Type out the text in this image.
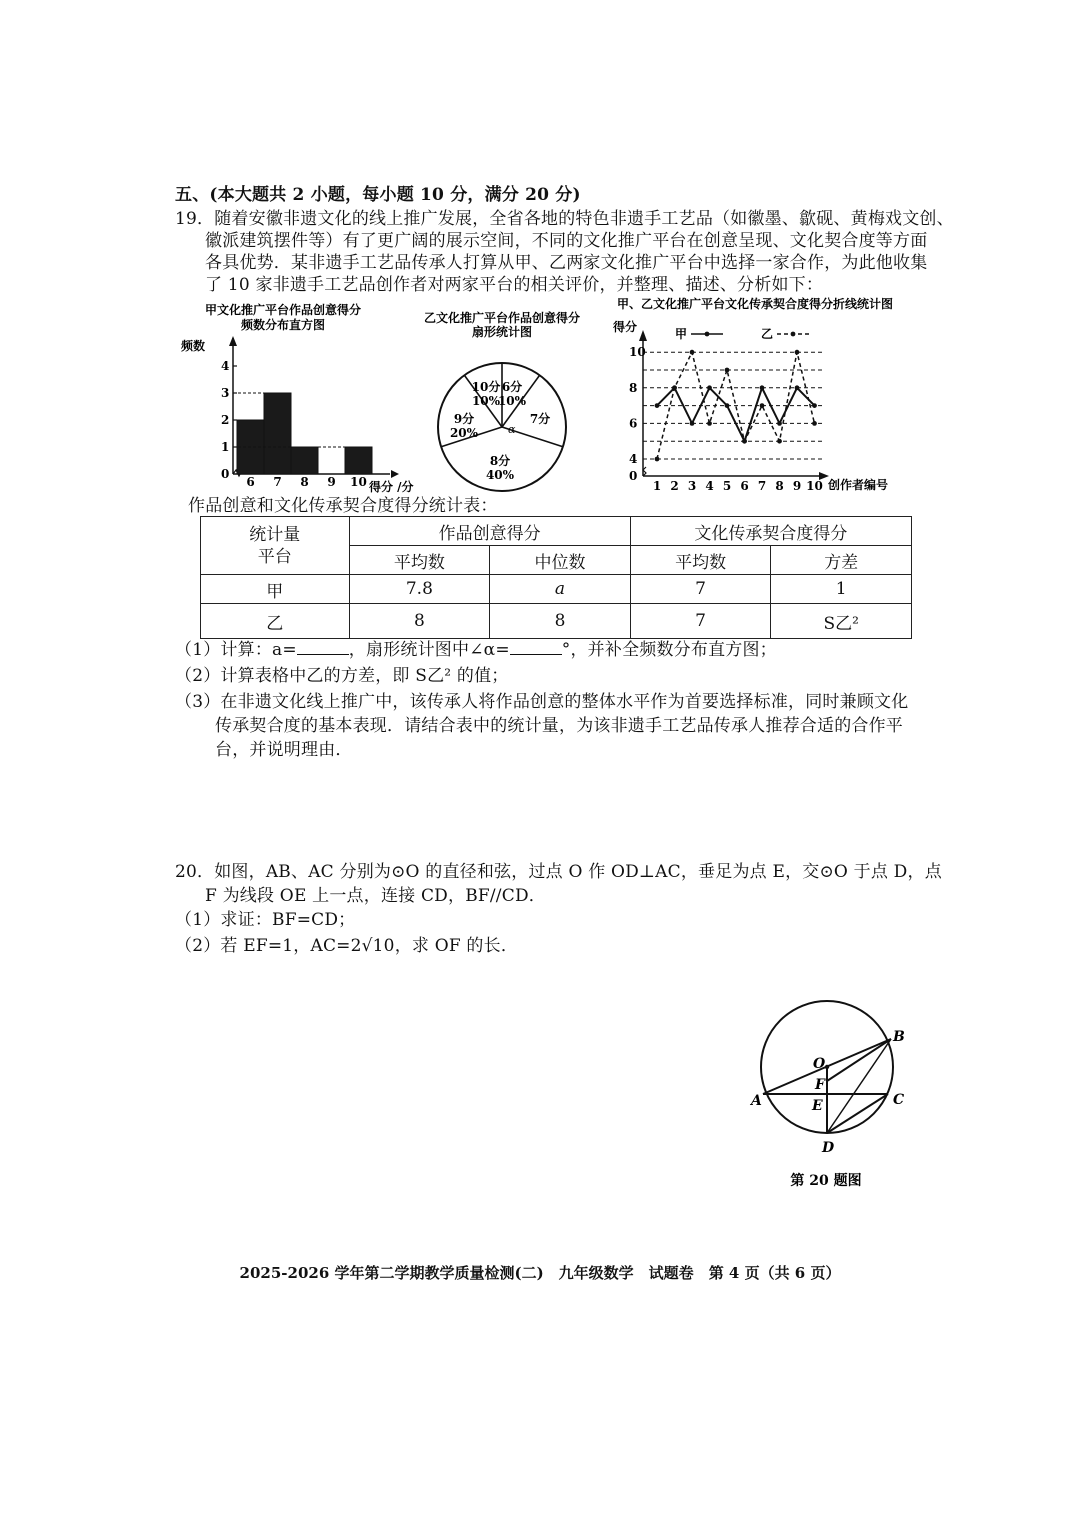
五、(本大题共 2 小题，每小题 10 分，满分 20 分)
19．随着安徽非遗文化的线上推广发展，全省各地的特色非遗手工艺品（如徽墨、歙砚、黄梅戏文创、
徽派建筑摆件等）有了更广阔的展示空间，不同的文化推广平台在创意呈现、文化契合度等方面
各具优势．某非遗手工艺品传承人打算从甲、乙两家文化推广平台中选择一家合作，为此他收集
了 10 家非遗手工艺品创作者对两家平台的相关评价，并整理、描述、分析如下：
甲文化推广平台作品创意得分
频数分布直方图
频数
0
1
2
3
4
6 7 8 9 10 得分 /分
乙文化推广平台作品创意得分
扇形统计图
10分
10%
6分
10%
7分
8分
40%
9分
20%	α
甲、乙文化推广平台文化传承契合度得分折线统计图
得分
0
4
6
8
10
1 2 3 4 5 6 7 8 9 10
甲	乙
创作者编号
作品创意和文化传承契合度得分统计表：
统计量
平台	作品创意得分		文化传承契合度得分	
	平均数	中位数	平均数	方差
甲	7.8	a	7	1
乙	8	8	7	S乙²
（1）计算：a=	，扇形统计图中∠α=	°，并补全频数分布直方图；
（2）计算表格中乙的方差，即 S乙² 的值；
（3）在非遗文化线上推广中，该传承人将作品创意的整体水平作为首要选择标准，同时兼顾文化
传承契合度的基本表现．请结合表中的统计量，为该非遗手工艺品传承人推荐合适的合作平
台，并说明理由．
20．如图，AB、AC 分别为⊙O 的直径和弦，过点 O 作 OD⊥AC，垂足为点 E，交⊙O 于点 D，点
F 为线段 OE 上一点，连接 CD，BF//CD．
（1）求证：BF=CD；
（2）若 EF=1，AC=2√10，求 OF 的长．
O
B
F
A	E	C
D
第 20 题图
2025-2026 学年第二学期教学质量检测(二)　九年级数学　试题卷　第 4 页（共 6 页）
